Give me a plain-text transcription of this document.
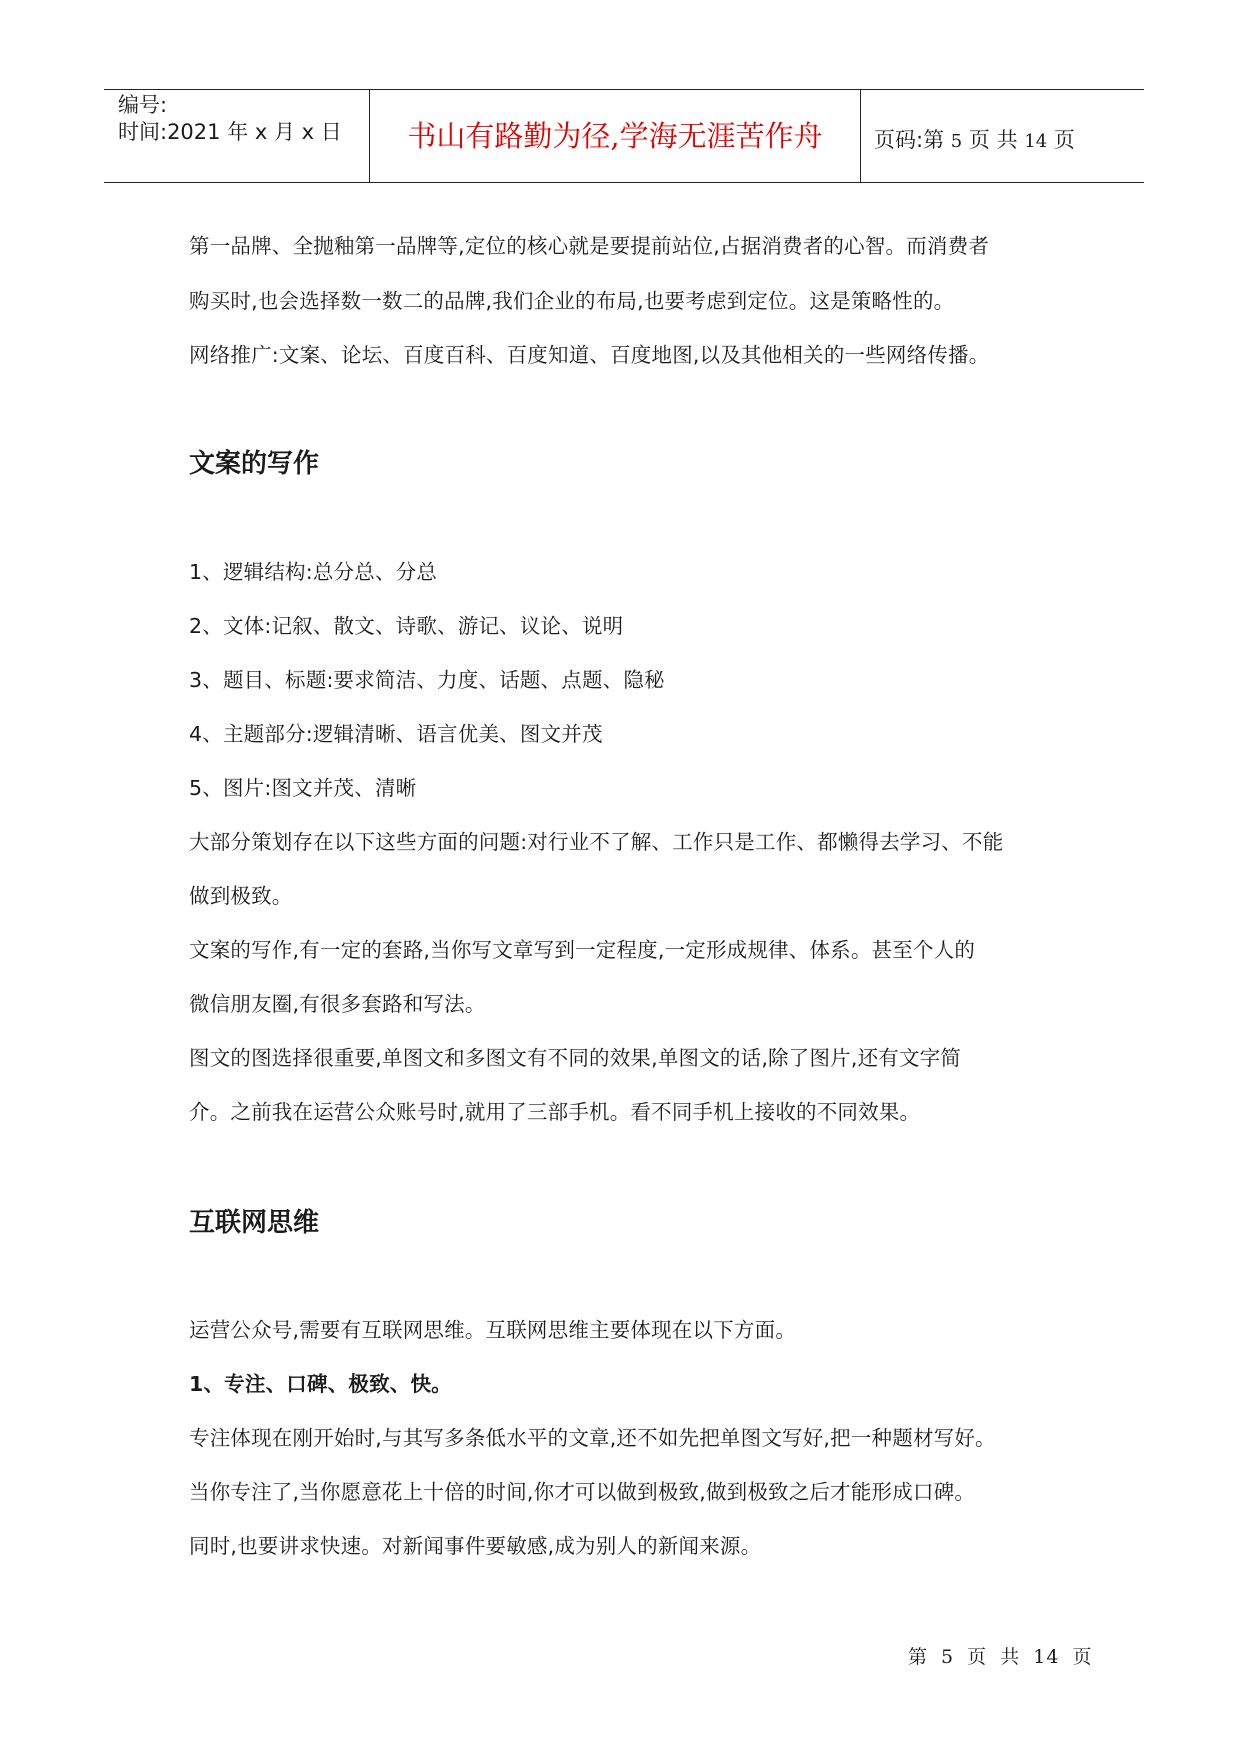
编号:
时间:2021 年 x 月 x 日	书山有路勤为径,学海无涯苦作舟	页码:第 5 页 共 14 页
第一品牌、全抛釉第一品牌等,定位的核心就是要提前站位,占据消费者的心智。而消费者
购买时,也会选择数一数二的品牌,我们企业的布局,也要考虑到定位。这是策略性的。
网络推广:文案、论坛、百度百科、百度知道、百度地图,以及其他相关的一些网络传播。
文案的写作
1、逻辑结构:总分总、分总
2、文体:记叙、散文、诗歌、游记、议论、说明
3、题目、标题:要求简洁、力度、话题、点题、隐秘
4、主题部分:逻辑清晰、语言优美、图文并茂
5、图片:图文并茂、清晰
大部分策划存在以下这些方面的问题:对行业不了解、工作只是工作、都懒得去学习、不能
做到极致。
文案的写作,有一定的套路,当你写文章写到一定程度,一定形成规律、体系。甚至个人的
微信朋友圈,有很多套路和写法。
图文的图选择很重要,单图文和多图文有不同的效果,单图文的话,除了图片,还有文字简
介。之前我在运营公众账号时,就用了三部手机。看不同手机上接收的不同效果。
互联网思维
运营公众号,需要有互联网思维。互联网思维主要体现在以下方面。
1、专注、口碑、极致、快。
专注体现在刚开始时,与其写多条低水平的文章,还不如先把单图文写好,把一种题材写好。
当你专注了,当你愿意花上十倍的时间,你才可以做到极致,做到极致之后才能形成口碑。
同时,也要讲求快速。对新闻事件要敏感,成为别人的新闻来源。
第 5 页 共 14 页
